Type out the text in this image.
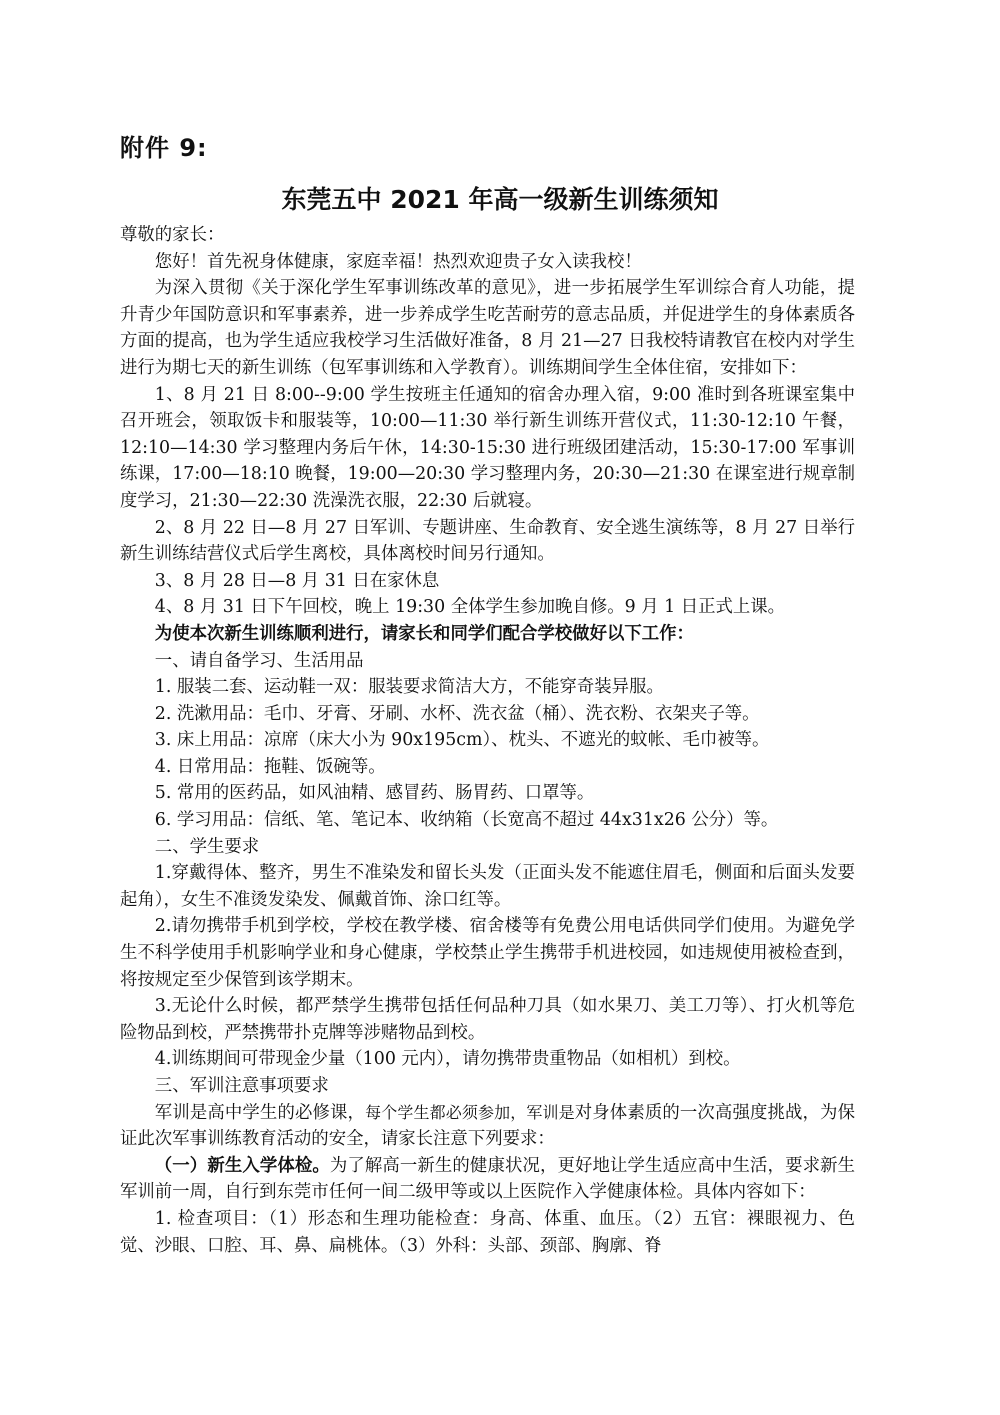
附件 9:
东莞五中 2021 年高一级新生训练须知

尊敬的家长：

您好！首先祝身体健康，家庭幸福！热烈欢迎贵子女入读我校！

为深入贯彻《关于深化学生军事训练改革的意见》，进一步拓展学生军训综合育人功能，提升青少年国防意识和军事素养，进一步养成学生吃苦耐劳的意志品质，并促进学生的身体素质各方面的提高，也为学生适应我校学习生活做好准备，8 月 21—27 日我校特请教官在校内对学生进行为期七天的新生训练（包军事训练和入学教育）。训练期间学生全体住宿，安排如下：

1、8 月 21 日 8:00--9:00 学生按班主任通知的宿舍办理入宿，9:00 准时到各班课室集中召开班会，领取饭卡和服装等，10:00—11:30 举行新生训练开营仪式，11:30-12:10 午餐，12:10—14:30 学习整理内务后午休，14:30-15:30 进行班级团建活动，15:30-17:00 军事训练课，17:00—18:10 晚餐，19:00—20:30 学习整理内务，20:30—21:30 在课室进行规章制度学习，21:30—22:30 洗澡洗衣服，22:30 后就寝。

2、8 月 22 日—8 月 27 日军训、专题讲座、生命教育、安全逃生演练等，8 月 27 日举行新生训练结营仪式后学生离校，具体离校时间另行通知。

3、8 月 28 日—8 月 31 日在家休息

4、8 月 31 日下午回校，晚上 19:30 全体学生参加晚自修。9 月 1 日正式上课。

为使本次新生训练顺利进行，请家长和同学们配合学校做好以下工作：

一、请自备学习、生活用品

1. 服装二套、运动鞋一双：服装要求简洁大方，不能穿奇装异服。

2. 洗漱用品：毛巾、牙膏、牙刷、水杯、洗衣盆（桶）、洗衣粉、衣架夹子等。

3. 床上用品：凉席（床大小为 90x195cm）、枕头、不遮光的蚊帐、毛巾被等。

4. 日常用品：拖鞋、饭碗等。

5. 常用的医药品，如风油精、感冒药、肠胃药、口罩等。

6. 学习用品：信纸、笔、笔记本、收纳箱（长宽高不超过 44x31x26 公分）等。

二、学生要求

1.穿戴得体、整齐，男生不准染发和留长头发（正面头发不能遮住眉毛，侧面和后面头发要起角），女生不准烫发染发、佩戴首饰、涂口红等。

2.请勿携带手机到学校，学校在教学楼、宿舍楼等有免费公用电话供同学们使用。为避免学生不科学使用手机影响学业和身心健康，学校禁止学生携带手机进校园，如违规使用被检查到，将按规定至少保管到该学期末。

3.无论什么时候，都严禁学生携带包括任何品种刀具（如水果刀、美工刀等）、打火机等危险物品到校，严禁携带扑克牌等涉赌物品到校。

4.训练期间可带现金少量（100 元内），请勿携带贵重物品（如相机）到校。

三、军训注意事项要求

军训是高中学生的必修课，每个学生都必须参加，军训是对身体素质的一次高强度挑战，为保证此次军事训练教育活动的安全，请家长注意下列要求：

（一）新生入学体检。为了解高一新生的健康状况，更好地让学生适应高中生活，要求新生军训前一周，自行到东莞市任何一间二级甲等或以上医院作入学健康体检。具体内容如下：

1. 检查项目：（1）形态和生理功能检查：身高、体重、血压。（2）五官：裸眼视力、色觉、沙眼、口腔、耳、鼻、扁桃体。（3）外科：头部、颈部、胸廓、脊
